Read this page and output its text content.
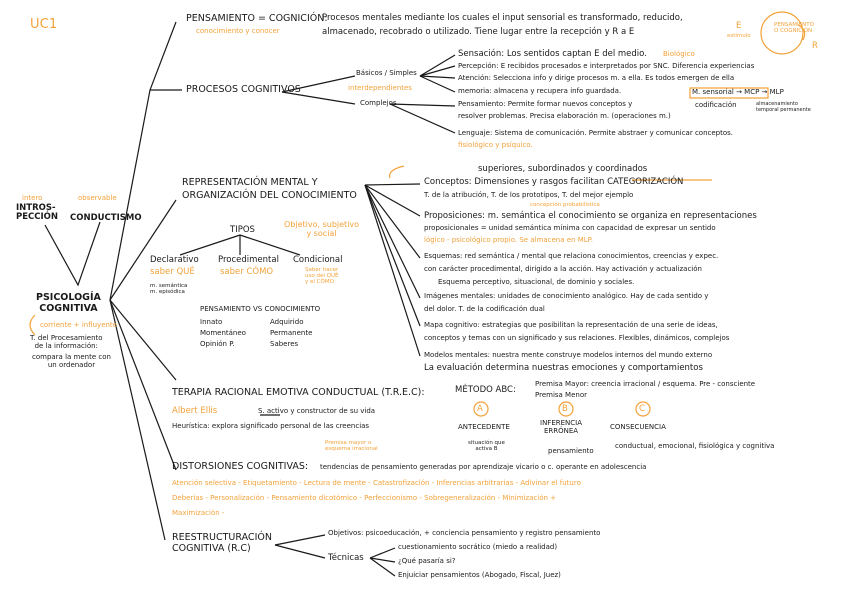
UC1
intero
INTROS-
PECCIÓN
observable
CONDUCTISMO
PSICOLOGÍA
COGNITIVA
corriente + influyente
T. del Procesamiento
de la información:
compara la mente con
un ordenador
PENSAMIENTO = COGNICIÓN:
Procesos mentales mediante los cuales el input sensorial es transformado, reducido,
conocimiento y conocer	almacenado, recobrado o utilizado. Tiene lugar entre la recepción y R a E
PENSAMIENTO
O COGNICIÓN
E
estímulo
R
PROCESOS COGNITIVOS
Básicos / Simples
interdependientes
Complejos
Sensación: Los sentidos captan E del medio. Biológico
Percepción: E recibidos procesados e interpretados por SNC. Diferencia experiencias
Atención: Selecciona info y dirige procesos m. a ella. Es todos emergen de ella
memoria: almacena y recupera info guardada.	M. sensorial → MCP → MLP
codificación	almacenamiento
temporal permanente
Pensamiento: Permite formar nuevos conceptos y
resolver problemas. Precisa elaboración m. (operaciones m.)
Lenguaje: Sistema de comunicación. Permite abstraer y comunicar conceptos.
fisiológico y psíquico.
REPRESENTACIÓN MENTAL Y
ORGANIZACIÓN DEL CONOCIMIENTO
Objetivo, subjetivo
y social
TIPOS
Declarativo
saber QUÉ
m. semántica
m. episódica
Procedimental
saber CÓMO
Condicional
Saber hacer
uso del QUÉ
y el CÓMO
PENSAMIENTO VS CONOCIMIENTO
Innato	Adquirido
Momentáneo	Permanente
Opinión P.	Saberes
superiores, subordinados y coordinados
Conceptos: Dimensiones y rasgos facilitan CATEGORIZACIÓN
T. de la atribución, T. de los prototipos, T. del mejor ejemplo
concepción probabilística
Proposiciones: m. semántica el conocimiento se organiza en representaciones
proposicionales = unidad semántica mínima con capacidad de expresar un sentido
lógico - psicológico propio. Se almacena en MLP.
Esquemas: red semántica / mental que relaciona conocimientos, creencias y expec.
con carácter procedimental, dirigido a la acción. Hay activación y actualización
Esquema perceptivo, situacional, de dominio y sociales.
Imágenes mentales: unidades de conocimiento analógico. Hay de cada sentido y
del dolor. T. de la codificación dual
Mapa cognitivo: estrategias que posibilitan la representación de una serie de ideas,
conceptos y temas con un significado y sus relaciones. Flexibles, dinámicos, complejos
Modelos mentales: nuestra mente construye modelos internos del mundo externo
La evaluación determina nuestras emociones y comportamientos
TERAPIA RACIONAL EMOTIVA CONDUCTUAL (T.R.E.C):
Albert Ellis	S. activo y constructor de su vida
Heurística: explora significado personal de las creencias
Premisa mayor o
esquema irracional
MÉTODO ABC:
Premisa Mayor: creencia irracional / esquema. Pre - consciente
Premisa Menor
A	B	C
ANTECEDENTE
situación que
activa B
INFERENCIA
ERRÓNEA
pensamiento
CONSECUENCIA
conductual, emocional, fisiológica y cognitiva
DISTORSIONES COGNITIVAS: tendencias de pensamiento generadas por aprendizaje vicario o c. operante en adolescencia
Atención selectiva - Etiquetamiento - Lectura de mente - Catastrofización - Inferencias arbitrarias - Adivinar el futuro
Deberías - Personalización - Pensamiento dicotómico - Perfeccionismo - Sobregeneralización - Minimización +
Maximización -
REESTRUCTURACIÓN
COGNITIVA (R.C)
Objetivos: psicoeducación, + conciencia pensamiento y registro pensamiento
Técnicas
cuestionamiento socrático (miedo a realidad)
¿Qué pasaría si?
Enjuiciar pensamientos (Abogado, Fiscal, Juez)
